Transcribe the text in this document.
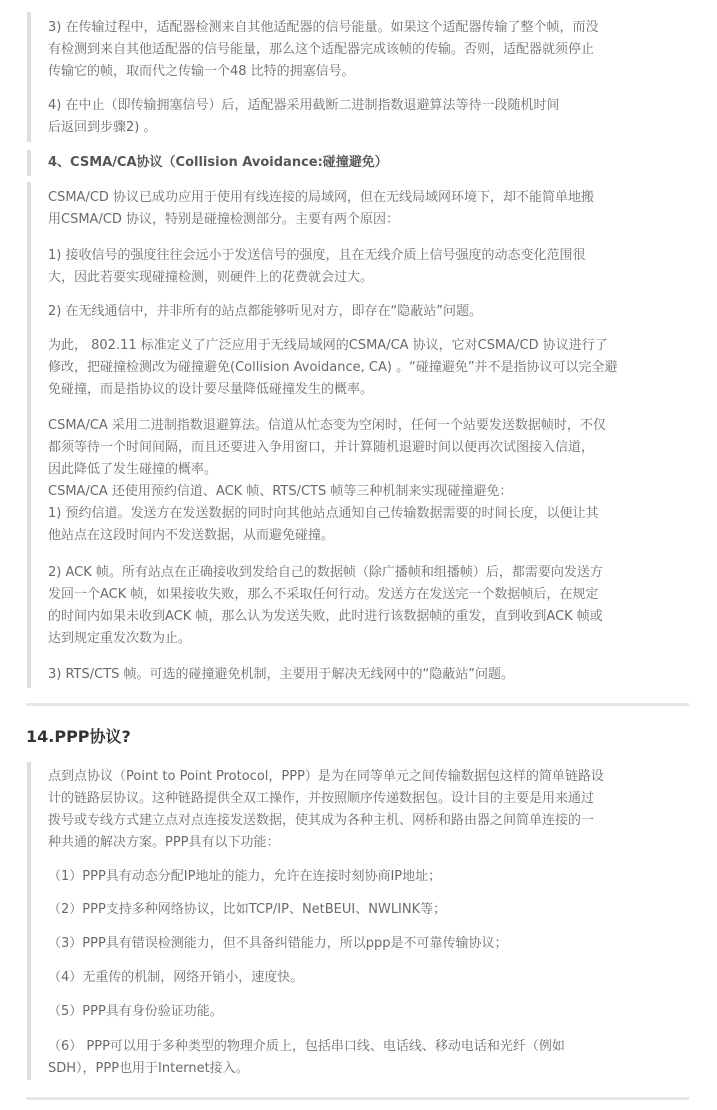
3) 在传输过程中，适配器检测来自其他适配器的信号能量。如果这个适配器传输了整个帧，而没
有检测到来自其他适配器的信号能量，那么这个适配器完成该帧的传输。否则，适配器就须停止
传输它的帧，取而代之传输一个48 比特的拥塞信号。
4) 在中止（即传输拥塞信号）后，适配器采用截断二进制指数退避算法等待一段随机时间
后返回到步骤2) 。
4、CSMA/CA协议（Collision Avoidance:碰撞避免）
CSMA/CD 协议已成功应用于使用有线连接的局域网，但在无线局域网环境下，却不能简单地搬
用CSMA/CD 协议，特别是碰撞检测部分。主要有两个原因：
1) 接收信号的强度往往会远小于发送信号的强度，且在无线介质上信号强度的动态变化范围很
大，因此若要实现碰撞检测，则硬件上的花费就会过大。
2) 在无线通信中，并非所有的站点都能够听见对方，即存在“隐蔽站”问题。
为此， 802.11 标准定义了广泛应用于无线局域网的CSMA/CA 协议，它对CSMA/CD 协议进行了
修改，把碰撞检测改为碰撞避免(Collision Avoidance, CA) 。“碰撞避免”并不是指协议可以完全避
免碰撞，而是指协议的设计要尽量降低碰撞发生的概率。
CSMA/CA 采用二进制指数退避算法。信道从忙态变为空闲时，任何一个站要发送数据帧时，不仅
都须等待一个时间间隔，而且还要进入争用窗口，并计算随机退避时间以便再次试图接入信道，
因此降低了发生碰撞的概率。
CSMA/CA 还使用预约信道、ACK 帧、RTS/CTS 帧等三种机制来实现碰撞避免：
1) 预约信道。发送方在发送数据的同时向其他站点通知自己传输数据需要的时间长度，以便让其
他站点在这段时间内不发送数据，从而避免碰撞。
2) ACK 帧。所有站点在正确接收到发给自己的数据帧（除广播帧和组播帧）后，都需要向发送方
发回一个ACK 帧，如果接收失败，那么不采取任何行动。发送方在发送完一个数据帧后，在规定
的时间内如果未收到ACK 帧，那么认为发送失败，此时进行该数据帧的重发，直到收到ACK 帧或
达到规定重发次数为止。
3) RTS/CTS 帧。可选的碰撞避免机制，主要用于解决无线网中的“隐蔽站”问题。
14.PPP协议?
点到点协议（Point to Point Protocol，PPP）是为在同等单元之间传输数据包这样的简单链路设
计的链路层协议。这种链路提供全双工操作，并按照顺序传递数据包。设计目的主要是用来通过
拨号或专线方式建立点对点连接发送数据，使其成为各种主机、网桥和路由器之间简单连接的一
种共通的解决方案。PPP具有以下功能：
（1）PPP具有动态分配IP地址的能力，允许在连接时刻协商IP地址；
（2）PPP支持多种网络协议，比如TCP/IP、NetBEUI、NWLINK等；
（3）PPP具有错误检测能力，但不具备纠错能力，所以ppp是不可靠传输协议；
（4）无重传的机制，网络开销小，速度快。
（5）PPP具有身份验证功能。
（6） PPP可以用于多种类型的物理介质上，包括串口线、电话线、移动电话和光纤（例如
SDH），PPP也用于Internet接入。
